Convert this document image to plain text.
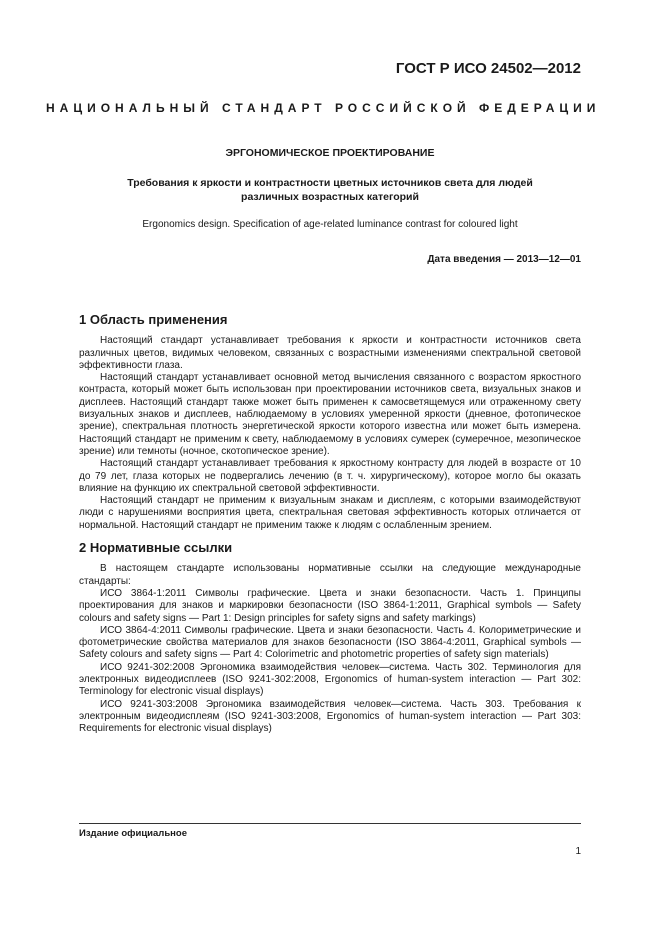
ГОСТ Р ИСО 24502—2012

НАЦИОНАЛЬНЫЙ СТАНДАРТ РОССИЙСКОЙ ФЕДЕРАЦИИ

ЭРГОНОМИЧЕСКОЕ ПРОЕКТИРОВАНИЕ

Требования к яркости и контрастности цветных источников света для людей
различных возрастных категорий

Ergonomics design. Specification of age-related luminance contrast for coloured light

Дата введения — 2013—12—01

1 Область применения

Настоящий стандарт устанавливает требования к яркости и контрастности источников света различных цветов, видимых человеком, связанных с возрастными изменениями спектральной световой эффективности глаза.

Настоящий стандарт устанавливает основной метод вычисления связанного с возрастом яркостного контраста, который может быть использован при проектировании источников света, визуальных знаков и дисплеев. Настоящий стандарт также может быть применен к самосветящемуся или отраженному свету визуальных знаков и дисплеев, наблюдаемому в условиях умеренной яркости (дневное, фотопическое зрение), спектральная плотность энергетической яркости которого известна или может быть измерена. Настоящий стандарт не применим к свету, наблюдаемому в условиях сумерек (сумеречное, мезопическое зрение) или темноты (ночное, скотопическое зрение).

Настоящий стандарт устанавливает требования к яркостному контрасту для людей в возрасте от 10 до 79 лет, глаза которых не подвергались лечению (в т. ч. хирургическому), которое могло бы оказать влияние на функцию их спектральной световой эффективности.

Настоящий стандарт не применим к визуальным знакам и дисплеям, с которыми взаимодействуют люди с нарушениями восприятия цвета, спектральная световая эффективность которых отличается от нормальной. Настоящий стандарт не применим также к людям с ослабленным зрением.

2 Нормативные ссылки

В настоящем стандарте использованы нормативные ссылки на следующие международные стандарты:

ИСО 3864-1:2011 Символы графические. Цвета и знаки безопасности. Часть 1. Принципы проектирования для знаков и маркировки безопасности (ISO 3864-1:2011, Graphical symbols — Safety colours and safety signs — Part 1: Design principles for safety signs and safety markings)

ИСО 3864-4:2011 Символы графические. Цвета и знаки безопасности. Часть 4. Колориметрические и фотометрические свойства материалов для знаков безопасности (ISO 3864-4:2011, Graphical symbols — Safety colours and safety signs — Part 4: Colorimetric and photometric properties of safety sign materials)

ИСО 9241-302:2008 Эргономика взаимодействия человек—система. Часть 302. Терминология для электронных видеодисплеев (ISO 9241-302:2008, Ergonomics of human-system interaction — Part 302: Terminology for electronic visual displays)

ИСО 9241-303:2008 Эргономика взаимодействия человек—система. Часть 303. Требования к электронным видеодисплеям (ISO 9241-303:2008, Ergonomics of human-system interaction — Part 303: Requirements for electronic visual displays)

Издание официальное

1
